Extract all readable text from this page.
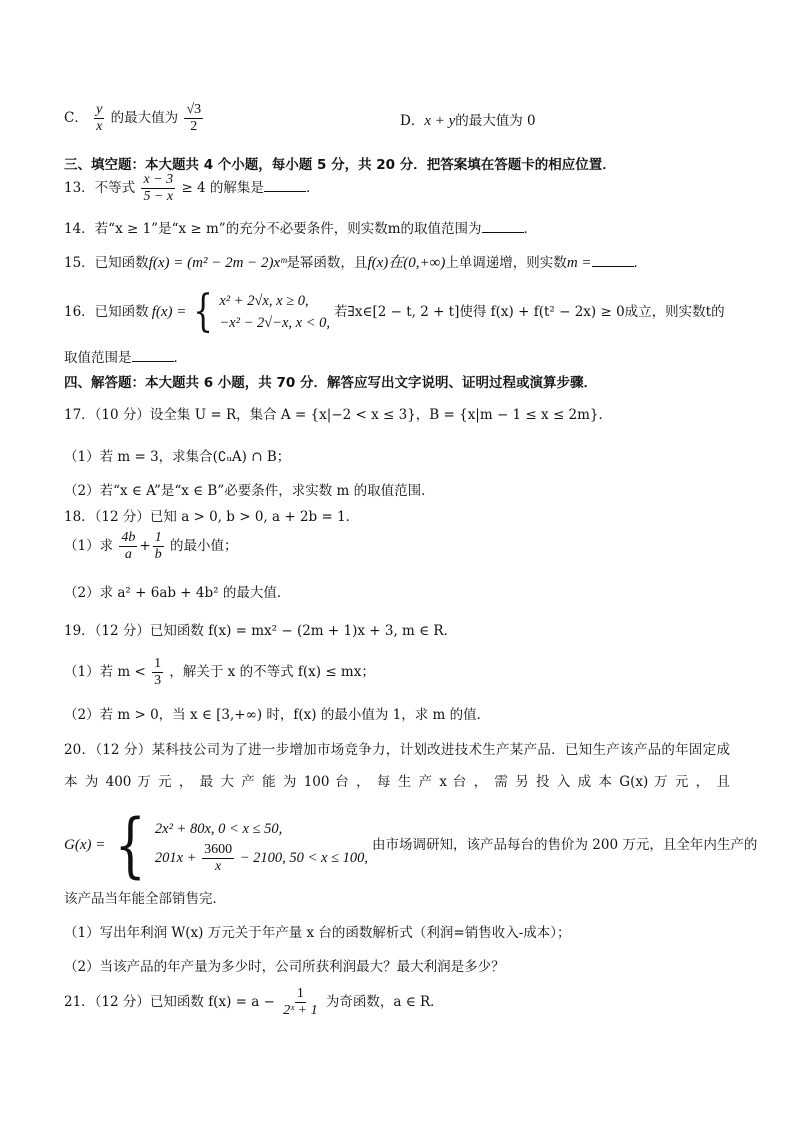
C． $\frac{y}{x}$ 的最大值为 $\frac{√3}{2}$	D．x + y的最大值为 0
三、填空题：本大题共 4 个小题，每小题 5 分，共 20 分．把答案填在答题卡的相应位置．
13．不等式 $\frac{x - 3}{5 - x} \ge 4$ 的解集是	．
14．若“x ≥ 1”是“x ≥ m”的充分不必要条件，则实数m的取值范围为	．
15．已知函数f(x) = (m² − 2m − 2)xᵐ是幂函数，且f(x)在(0,+∞)上单调递增，则实数m =	．
16．已知函数 f(x) = { x² + 2√x, x ≥ 0,
−x² − 2√−x, x < 0,
若∃x∈[2 − t, 2 + t]使得 f(x) + f(t² − 2x) ≥ 0成立，则实数t的
取值范围是	．
四、解答题：本大题共 6 小题，共 70 分．解答应写出文字说明、证明过程或演算步骤．
17．（10 分）设全集 U = R，集合 A = {x|−2 < x ≤ 3}，B = {x|m − 1 ≤ x ≤ 2m}．
（1）若 m = 3，求集合(∁ᵤA) ∩ B；
（2）若“x ∈ A”是“x ∈ B”必要条件，求实数 m 的取值范围．
18．（12 分）已知 a > 0, b > 0, a + 2b = 1．
（1）求 $\frac{4b}{a} + \frac{1}{b}$ 的最小值；
（2）求 a² + 6ab + 4b² 的最大值．
19．（12 分）已知函数 f(x) = mx² − (2m + 1)x + 3, m ∈ R．
（1）若 $m < \frac{1}{3}$ ，解关于 x 的不等式 f(x) ≤ mx；
（2）若 m > 0，当 x ∈ [3,+∞) 时，f(x) 的最小值为 1，求 m 的值．
20．（12 分）某科技公司为了进一步增加市场竞争力，计划改进技术生产某产品．已知生产该产品的年固定成
本 为 400 万 元 ， 最 大 产 能 为 100 台 ， 每 生 产 x 台 ， 需 另 投 入 成 本 G(x) 万 元 ， 且
G(x) = { 2x² + 80x, 0 < x ≤ 50,
$201x + \frac{3600}{x} - 2100$, 50 < x ≤ 100,
由市场调研知，该产品每台的售价为 200 万元，且全年内生产的
该产品当年能全部销售完．
（1）写出年利润 W(x) 万元关于年产量 x 台的函数解析式（利润=销售收入-成本）；
（2）当该产品的年产量为多少时，公司所获利润最大？最大利润是多少？
21．（12 分）已知函数 $f(x) = a - \frac{1}{\text{2ˣ + 1}}$ 为奇函数，a ∈ R．
